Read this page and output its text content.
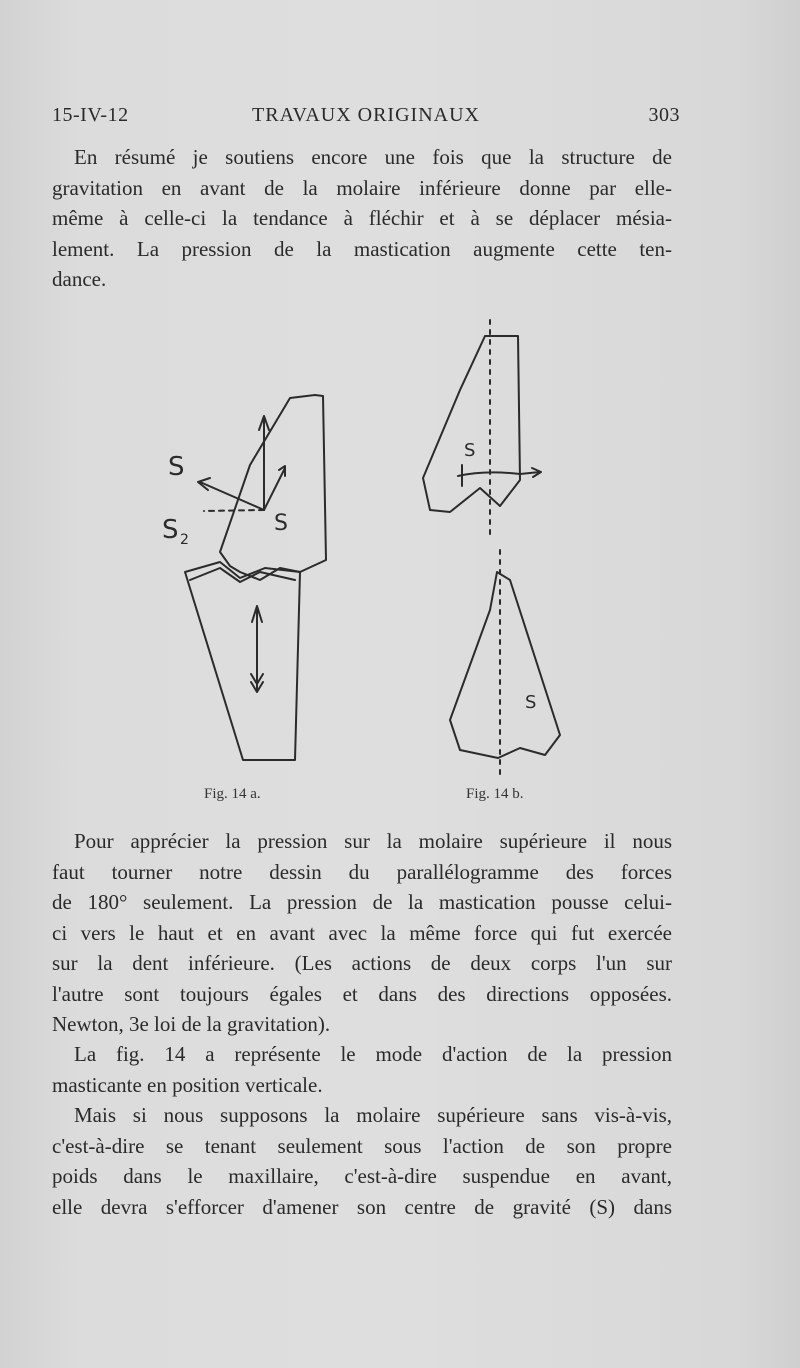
15-IV-12	TRAVAUX ORIGINAUX	303

En résumé je soutiens encore une fois que la structure de
gravitation en avant de la molaire inférieure donne par elle-
même à celle-ci la tendance à fléchir et à se déplacer mésia-
lement. La pression de la mastication augmente cette ten-
dance.

S
S 2
S
S
S
Fig. 14 a.	Fig. 14 b.

Pour apprécier la pression sur la molaire supérieure il nous
faut tourner notre dessin du parallélogramme des forces
de 180° seulement. La pression de la mastication pousse celui-
ci vers le haut et en avant avec la même force qui fut exercée
sur la dent inférieure. (Les actions de deux corps l'un sur
l'autre sont toujours égales et dans des directions opposées.
Newton, 3e loi de la gravitation).

La fig. 14 a représente le mode d'action de la pression
masticante en position verticale.

Mais si nous supposons la molaire supérieure sans vis-à-vis,
c'est-à-dire se tenant seulement sous l'action de son propre
poids dans le maxillaire, c'est-à-dire suspendue en avant,
elle devra s'efforcer d'amener son centre de gravité (S) dans
